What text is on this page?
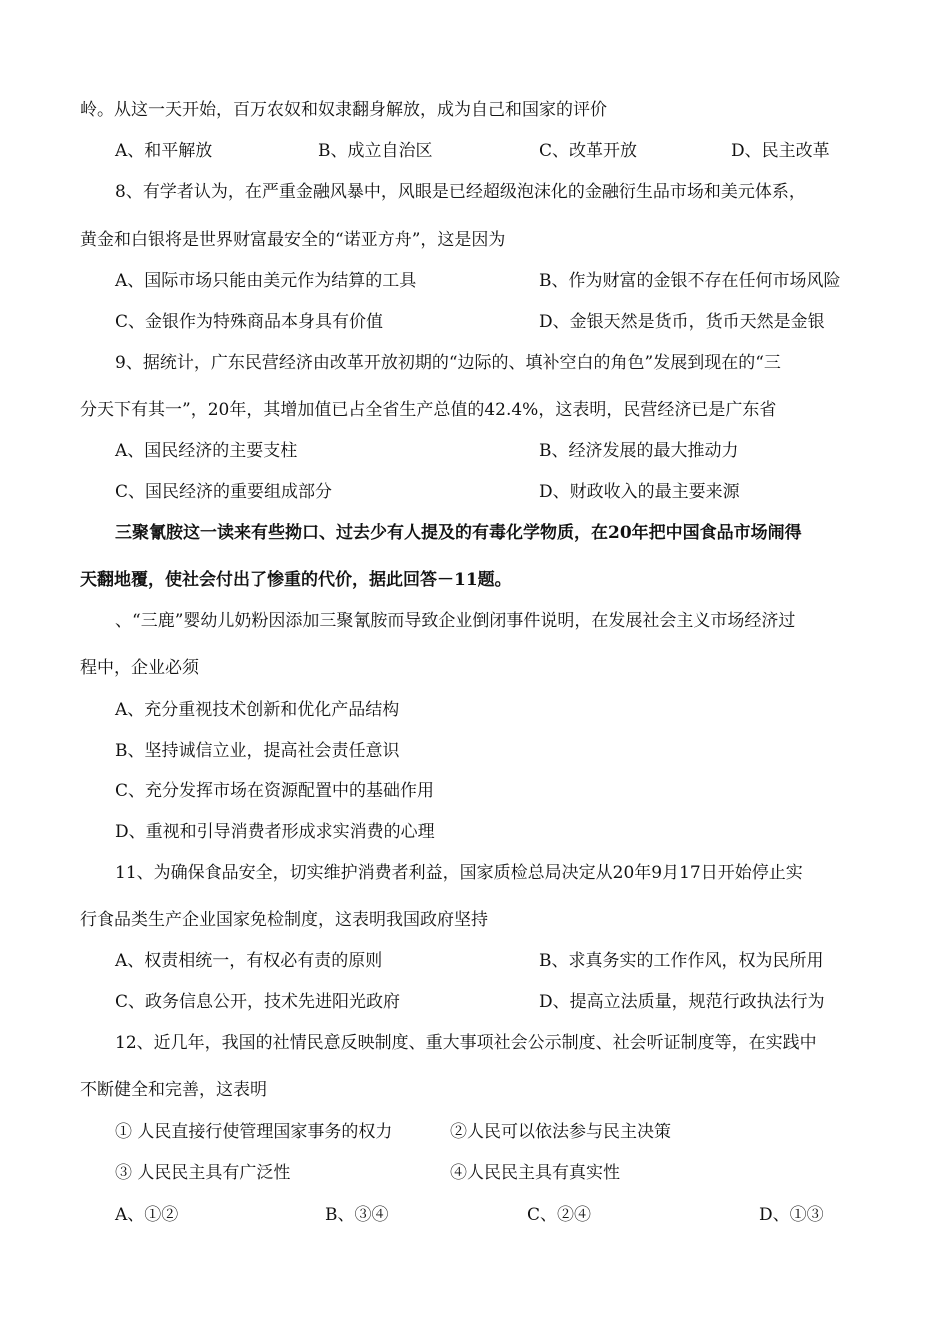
岭。从这一天开始，百万农奴和奴隶翻身解放，成为自己和国家的评价
A、和平解放	B、成立自治区	C、改革开放	D、民主改革
8、有学者认为，在严重金融风暴中，风眼是已经超级泡沫化的金融衍生品市场和美元体系，
黄金和白银将是世界财富最安全的“诺亚方舟”，这是因为
A、国际市场只能由美元作为结算的工具	B、作为财富的金银不存在任何市场风险
C、金银作为特殊商品本身具有价值	D、金银天然是货币，货币天然是金银
9、据统计，广东民营经济由改革开放初期的“边际的、填补空白的角色”发展到现在的“三
分天下有其一”，20年，其增加值已占全省生产总值的42.4%，这表明，民营经济已是广东省
A、国民经济的主要支柱	B、经济发展的最大推动力
C、国民经济的重要组成部分	D、财政收入的最主要来源
三聚氰胺这一读来有些拗口、过去少有人提及的有毒化学物质，在20年把中国食品市场闹得
天翻地覆，使社会付出了惨重的代价，据此回答－11题。
、“三鹿”婴幼儿奶粉因添加三聚氰胺而导致企业倒闭事件说明，在发展社会主义市场经济过
程中，企业必须
A、充分重视技术创新和优化产品结构
B、坚持诚信立业，提高社会责任意识
C、充分发挥市场在资源配置中的基础作用
D、重视和引导消费者形成求实消费的心理
11、为确保食品安全，切实维护消费者利益，国家质检总局决定从20年9月17日开始停止实
行食品类生产企业国家免检制度，这表明我国政府坚持
A、权责相统一，有权必有责的原则	B、求真务实的工作作风，权为民所用
C、政务信息公开，技术先进阳光政府	D、提高立法质量，规范行政执法行为
12、近几年，我国的社情民意反映制度、重大事项社会公示制度、社会听证制度等，在实践中
不断健全和完善，这表明
① 人民直接行使管理国家事务的权力	②人民可以依法参与民主决策
③ 人民民主具有广泛性	④人民民主具有真实性
A、①②	B、③④	C、②④	D、①③
